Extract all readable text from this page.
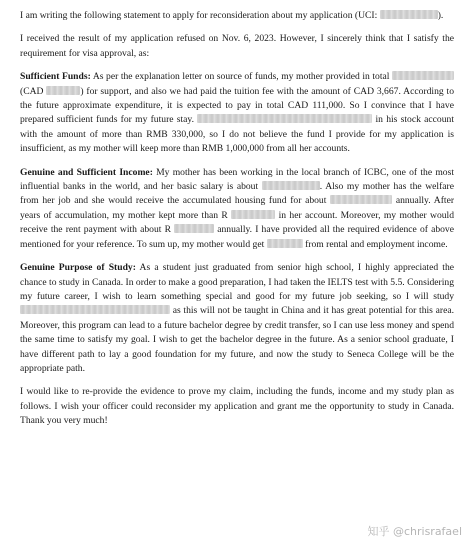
I am writing the following statement to apply for reconsideration about my application (UCI:	).

I received the result of my application refused on Nov. 6, 2023. However, I sincerely think that I satisfy the requirement for visa approval, as:

Sufficient Funds: As per the explanation letter on source of funds, my mother provided in total  (CAD	) for support, and also we had paid the tuition fee with the amount of CAD 3,667. According to the future approximate expenditure, it is expected to pay in total CAD 111,000. So I convince that I have prepared sufficient funds for my future stay.	in his stock account with the amount of more than RMB 330,000, so I do not believe the fund I provide for my application is insufficient, as my mother will keep more than RMB 1,000,000 from all her accounts.

Genuine and Sufficient Income: My mother has been working in the local branch of ICBC, one of the most influential banks in the world, and her basic salary is about	. Also my mother has the welfare from her job and she would receive the accumulated housing fund for about	annually. After years of accumulation, my mother kept more than R	in her account. Moreover, my mother would receive the rent payment with about R	annually. I have provided all the required evidence of above mentioned for your reference. To sum up, my mother would get	from rental and employment income.

Genuine Purpose of Study: As a student just graduated from senior high school, I highly appreciated the chance to study in Canada. In order to make a good preparation, I had taken the IELTS test with 5.5. Considering my future career, I wish to learn something special and good for my future job seeking, so I will study  as this will not be taught in China and it has great potential for this area. Moreover, this program can lead to a future bachelor degree by credit transfer, so I can use less money and spend the same time to satisfy my goal. I wish to get the bachelor degree in the future. As a senior school graduate, I have different path to lay a good foundation for my future, and now the study to Seneca College will be the appropriate path.

I would like to re-provide the evidence to prove my claim, including the funds, income and my study plan as follows. I wish your officer could reconsider my application and grant me the opportunity to study in Canada. Thank you very much!

知乎 @chrisrafael
